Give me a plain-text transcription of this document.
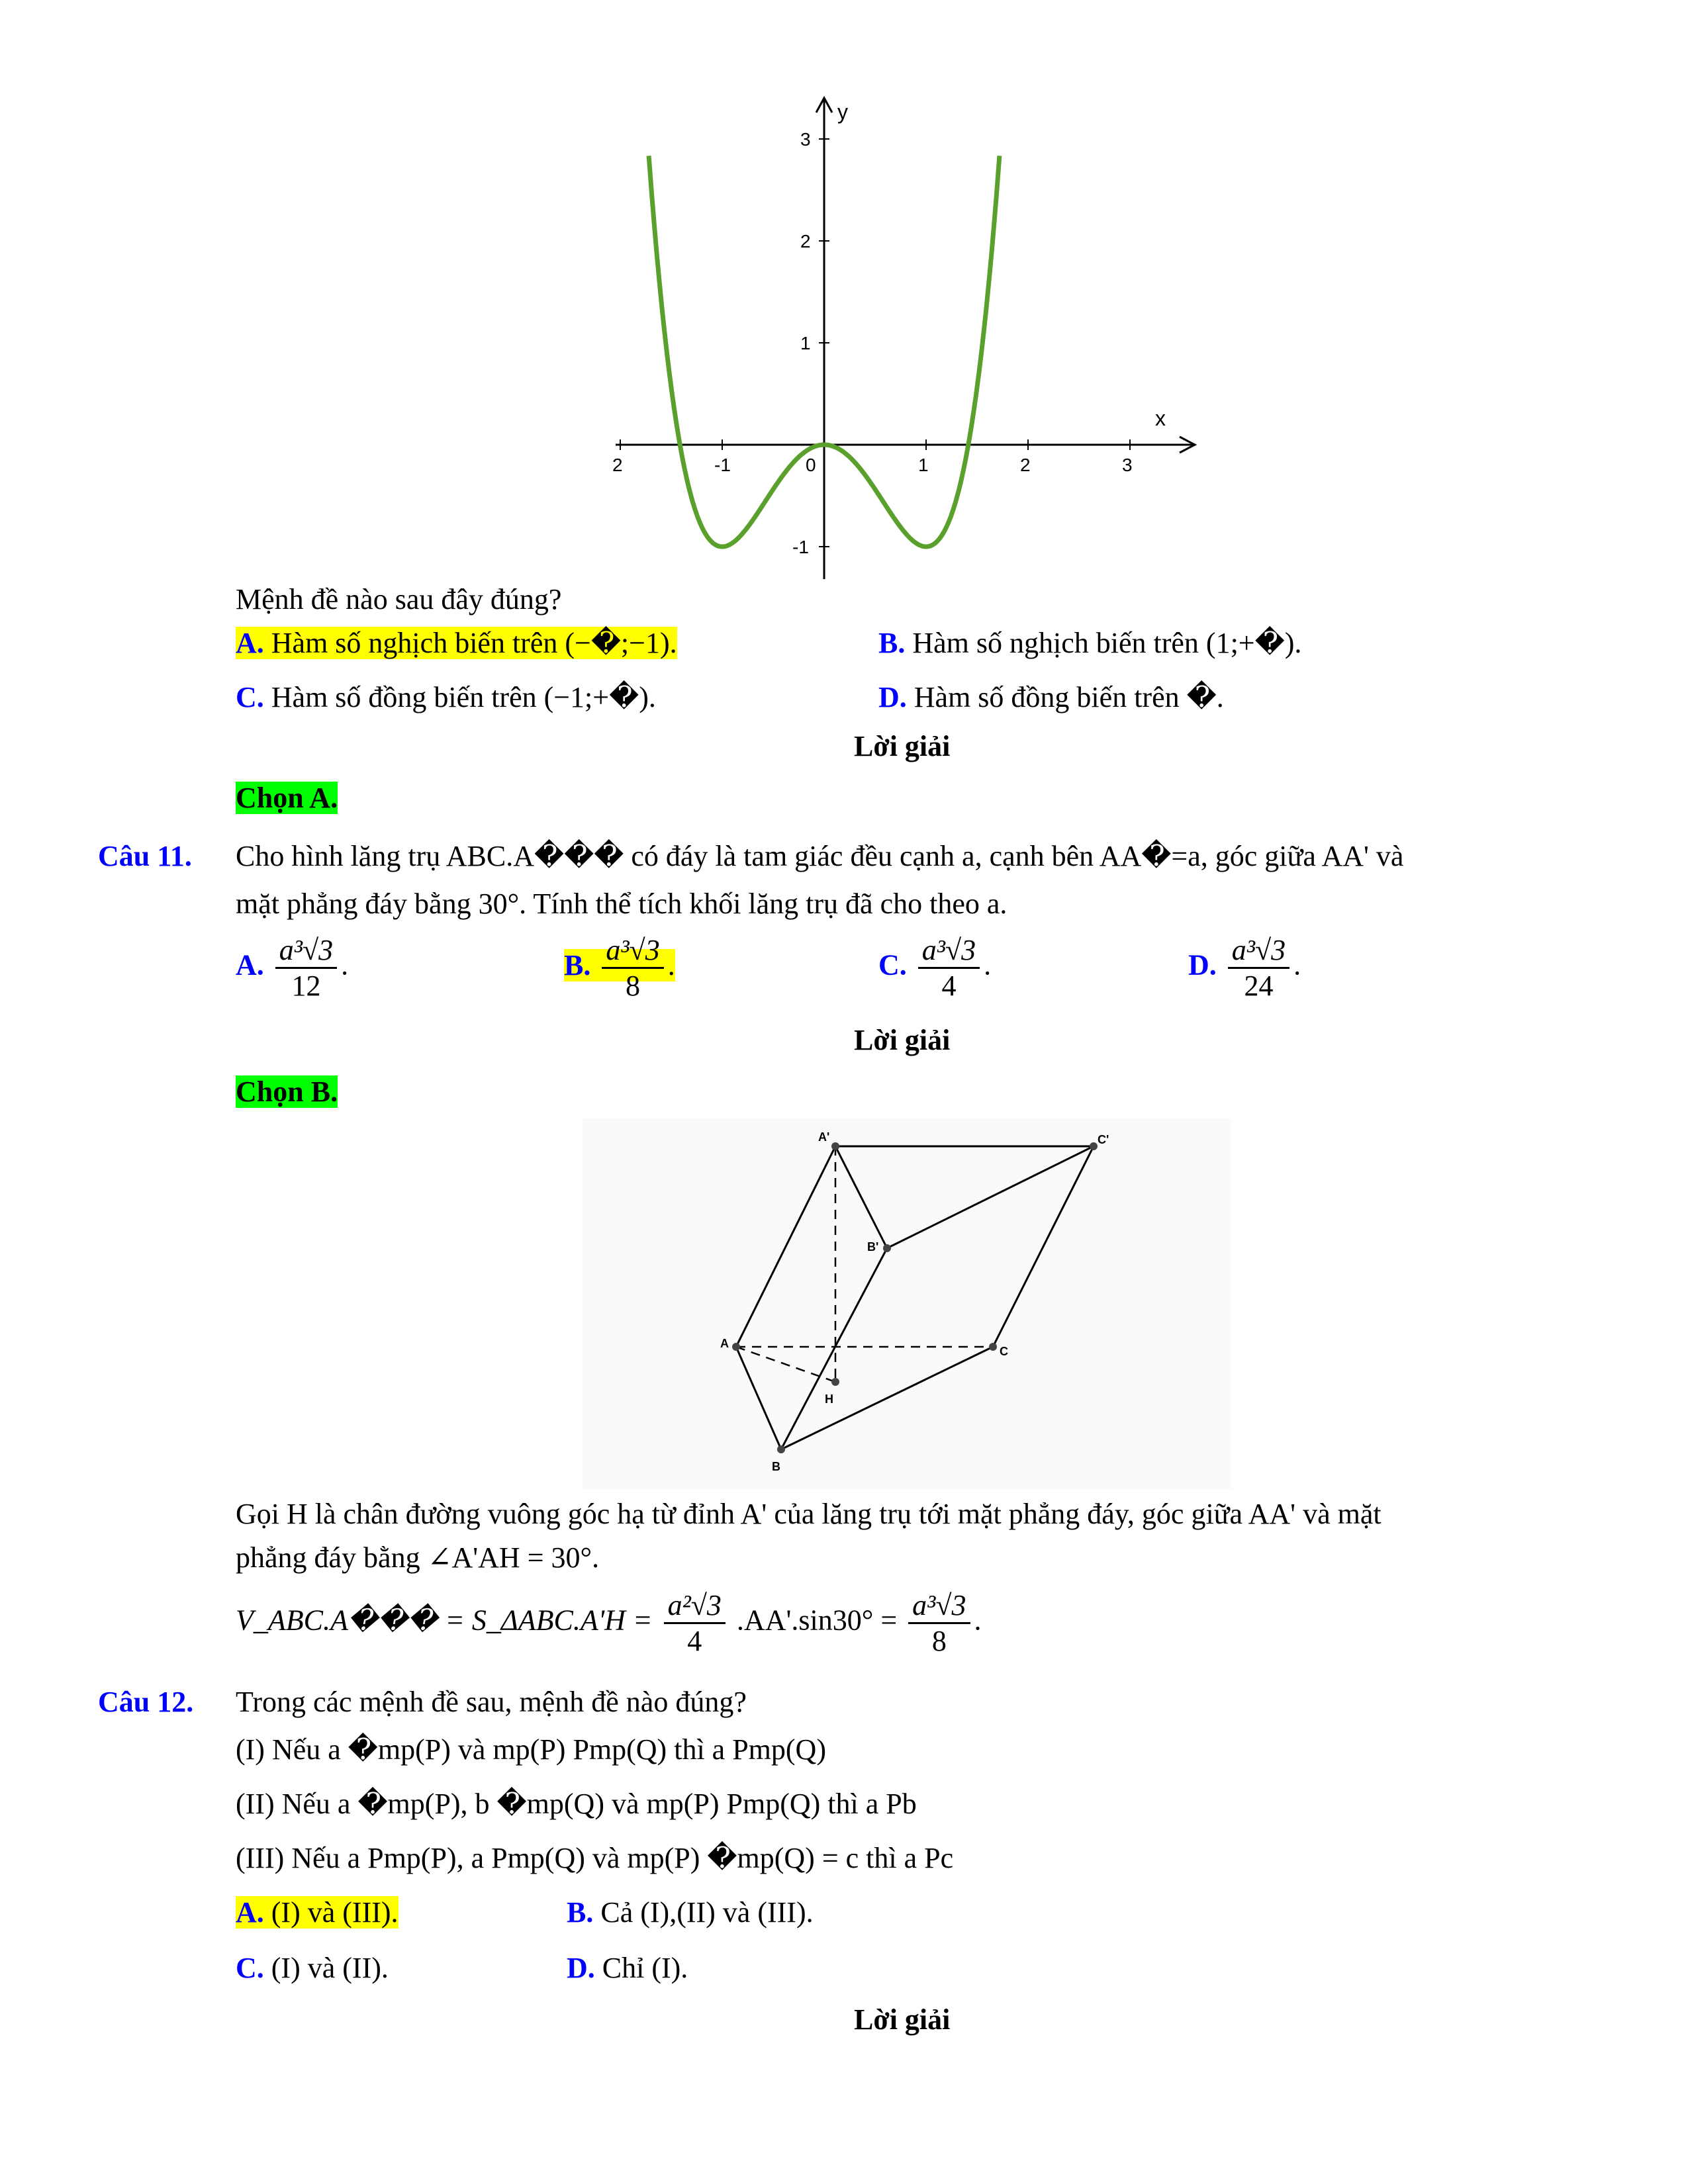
2	-1	0	1	2	3
3
2
1
-1
x
y
Mệnh đề nào sau đây đúng?
A. Hàm số nghịch biến trên (−�;−1).	B. Hàm số nghịch biến trên (1;+�).
C. Hàm số đồng biến trên (−1;+�).	D. Hàm số đồng biến trên �.
Lời giải
Chọn A.
Câu 11. Cho hình lăng trụ ABC.A��� có đáy là tam giác đều cạnh a, cạnh bên AA�=a, góc giữa AA' và
mặt phẳng đáy bằng 30°. Tính thể tích khối lăng trụ đã cho theo a.
A. $\frac{\text{a³√3}}{12}$ .	B. $\frac{\text{a³√3}}{8}$ .	C. $\frac{\text{a³√3}}{4}$ .	D. $\frac{\text{a³√3}}{24}$ .
Lời giải
Chọn B.
A'	C'
B'
A
C
H
B
Gọi H là chân đường vuông góc hạ từ đỉnh A' của lăng trụ tới mặt phẳng đáy, góc giữa AA' và mặt
phẳng đáy bằng ∠A'AH = 30°.
V_ABC.A��� = S_ΔABC.A'H = $\frac{\text{a²√3}}{4} .AA'.\sin 30^\circ = \frac{\text{a³√3}}{8}$ .
Câu 12. Trong các mệnh đề sau, mệnh đề nào đúng?
(I) Nếu a �mp(P) và mp(P) Pmp(Q) thì a Pmp(Q)
(II) Nếu a �mp(P), b �mp(Q) và mp(P) Pmp(Q) thì a Pb
(III) Nếu a Pmp(P), a Pmp(Q) và mp(P) �mp(Q) = c thì a Pc
A. (I) và (III).	B. Cả (I),(II) và (III).
C. (I) và (II).	D. Chỉ (I).
Lời giải
